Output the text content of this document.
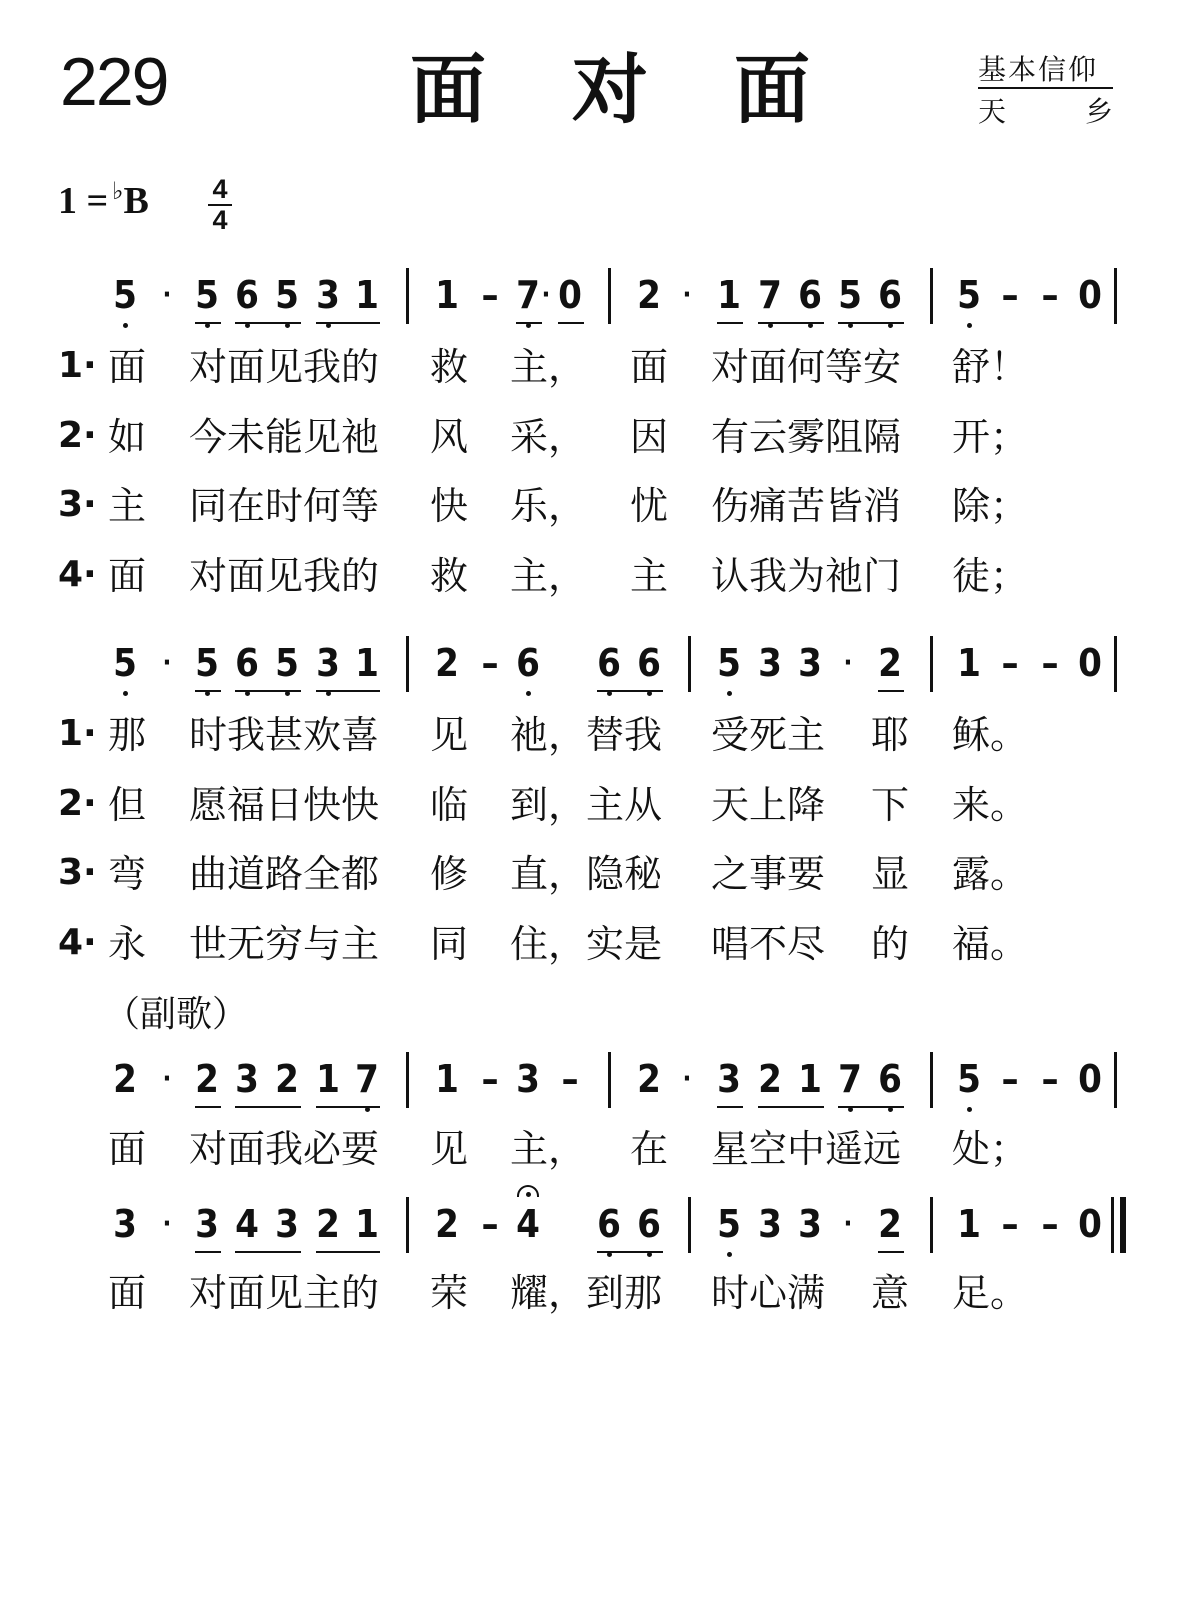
229	面 对 面	基本信仰
天	乡
1 = ♭B 4
4
5 · 5 6 5 3 1 1 – 7 · 0 2 · 1 7 6 5 6 5 – – 0
1· 面 对面见我的 救 主， 面 对面何等安 舒！
2· 如 今未能见祂 风 采， 因 有云雾阻隔 开；
3· 主 同在时何等 快 乐， 忧 伤痛苦皆消 除；
4· 面 对面见我的 救 主， 主 认我为祂门 徒；
5 · 5 6 5 3 1 2 – 6 6 6 5 3 3 · 2 1 – – 0
1· 那 时我甚欢喜 见 祂，替我 受死主 耶 稣。
2· 但 愿福日快快 临 到，主从 天上降 下 来。
3· 弯 曲道路全都 修 直，隐秘 之事要 显 露。
4· 永 世无穷与主 同 住，实是 唱不尽 的 福。
（副歌）
2 · 2 3 2 1 7 1 – 3 – 2 · 3 2 1 7 6 5 – – 0
面 对面我必要 见 主， 在 星空中遥远 处；
3 · 3 4 3 2 1 2 – 4 6 6 5 3 3 · 2 1 – – 0
面 对面见主的 荣 耀，到那 时心满 意 足。
